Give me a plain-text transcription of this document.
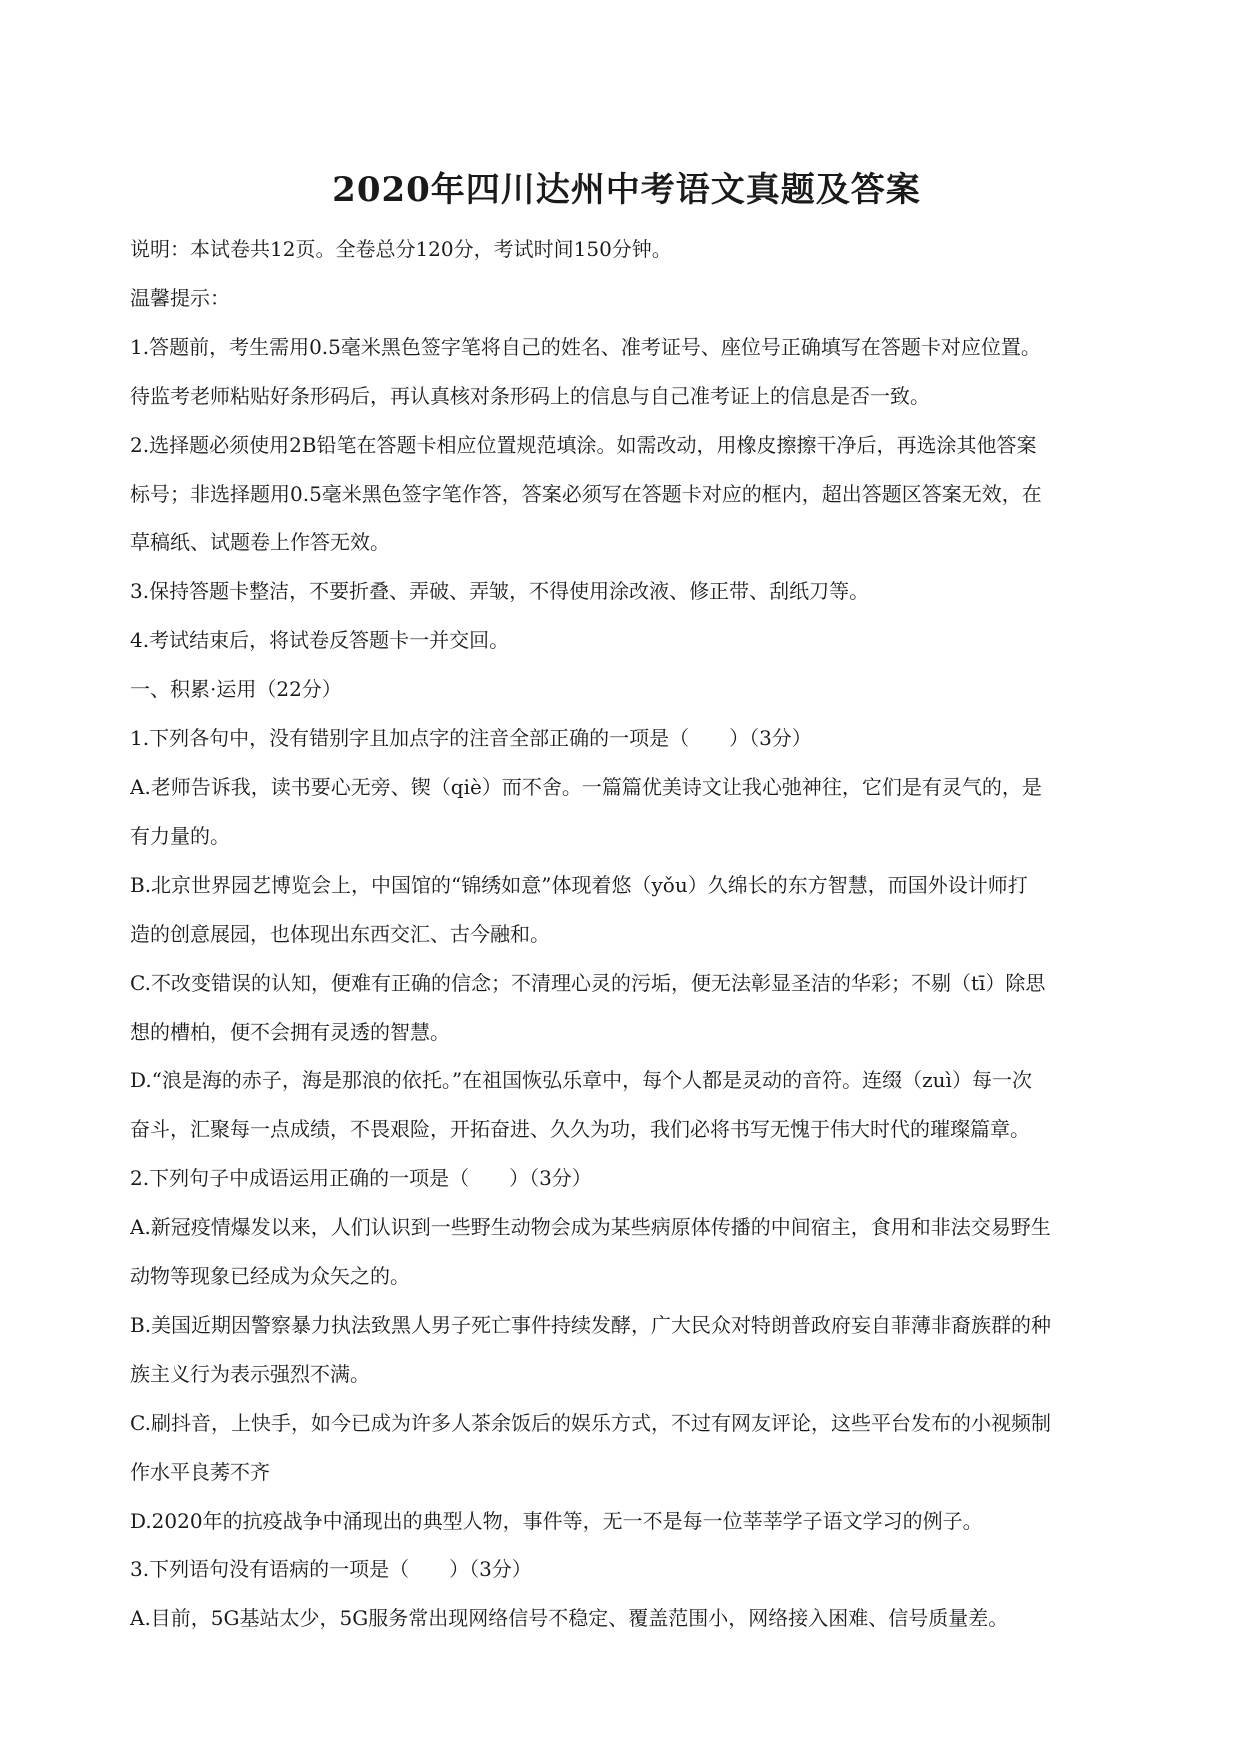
2020年四川达州中考语文真题及答案

说明：本试卷共12页。全卷总分120分，考试时间150分钟。

温馨提示：

1.答题前，考生需用0.5毫米黑色签字笔将自己的姓名、准考证号、座位号正确填写在答题卡对应位置。

待监考老师粘贴好条形码后，再认真核对条形码上的信息与自己准考证上的信息是否一致。

2.选择题必须使用2B铅笔在答题卡相应位置规范填涂。如需改动，用橡皮擦擦干净后，再选涂其他答案

标号；非选择题用0.5毫米黑色签字笔作答，答案必须写在答题卡对应的框内，超出答题区答案无效，在

草稿纸、试题卷上作答无效。

3.保持答题卡整洁，不要折叠、弄破、弄皱，不得使用涂改液、修正带、刮纸刀等。

4.考试结束后，将试卷反答题卡一并交回。

一、积累·运用（22分）

1.下列各句中，没有错别字且加点字的注音全部正确的一项是（　　）（3分）

A.老师告诉我，读书要心无旁、锲（qiè）而不舍。一篇篇优美诗文让我心弛神往，它们是有灵气的，是

有力量的。

B.北京世界园艺博览会上，中国馆的“锦绣如意”体现着悠（yǒu）久绵长的东方智慧，而国外设计师打

造的创意展园，也体现出东西交汇、古今融和。

C.不改变错误的认知，便难有正确的信念；不清理心灵的污垢，便无法彰显圣洁的华彩；不剔（tī）除思

想的槽柏，便不会拥有灵透的智慧。

D.“浪是海的赤子，海是那浪的依托。”在祖国恢弘乐章中，每个人都是灵动的音符。连缀（zuì）每一次

奋斗，汇聚每一点成绩，不畏艰险，开拓奋进、久久为功，我们必将书写无愧于伟大时代的璀璨篇章。

2.下列句子中成语运用正确的一项是（　　）（3分）

A.新冠疫情爆发以来，人们认识到一些野生动物会成为某些病原体传播的中间宿主，食用和非法交易野生

动物等现象已经成为众矢之的。

B.美国近期因警察暴力执法致黑人男子死亡事件持续发酵，广大民众对特朗普政府妄自菲薄非裔族群的种

族主义行为表示强烈不满。

C.刷抖音，上快手，如今已成为许多人茶余饭后的娱乐方式，不过有网友评论，这些平台发布的小视频制

作水平良莠不齐

D.2020年的抗疫战争中涌现出的典型人物，事件等，无一不是每一位莘莘学子语文学习的例子。

3.下列语句没有语病的一项是（　　）（3分）

A.目前，5G基站太少，5G服务常出现网络信号不稳定、覆盖范围小，网络接入困难、信号质量差。
